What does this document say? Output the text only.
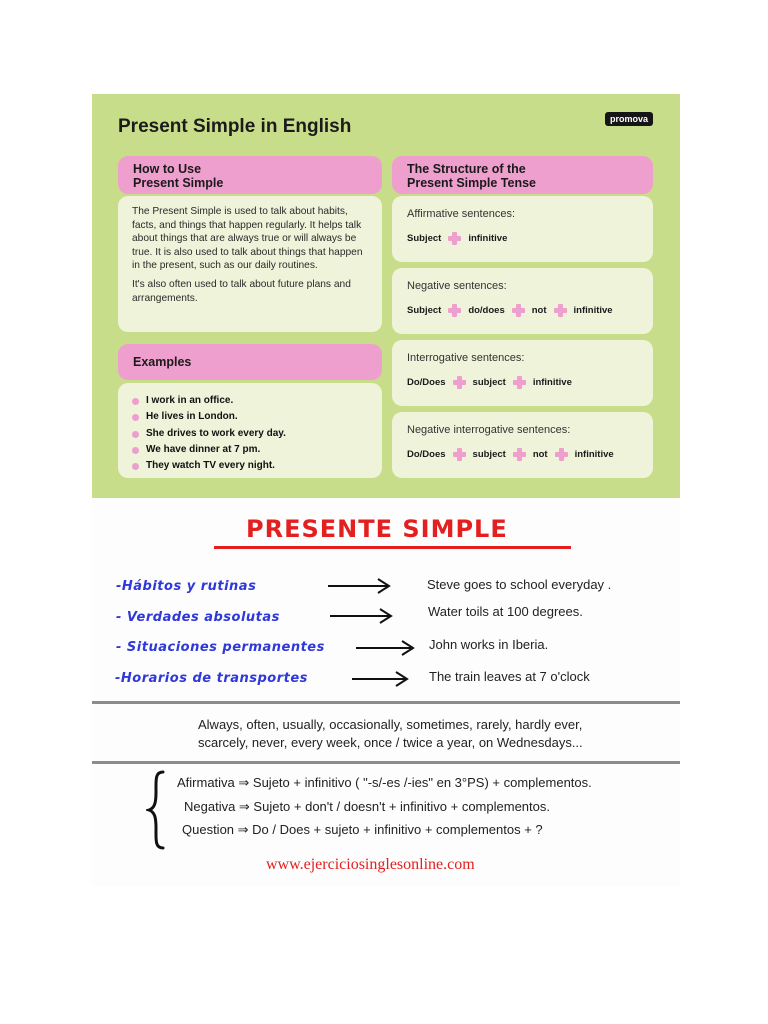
Present Simple in English	promova
How to Use
Present Simple

The Present Simple is used to talk about habits, facts, and things that happen regularly. It helps talk about things that are always true or will always be true. It is also used to talk about things that happen in the present, such as our daily routines.

It's also often used to talk about future plans and arrangements.

Examples
I work in an office.
He lives in London.
She drives to work every day.
We have dinner at 7 pm.
They watch TV every night.
The Structure of the
Present Simple Tense
Affirmative sentences:
Subject	infinitive
Negative sentences:
Subject	do/does	not	infinitive
Interrogative sentences:
Do/Does	subject	infinitive
Negative interrogative sentences:
Do/Does	subject	not	infinitive
PRESENTE SIMPLE
-Hábitos y rutinas	Steve goes to school everyday .
- Verdades absolutas	Water toils at 100 degrees.
- Situaciones permanentes	John works in Iberia.
-Horarios de transportes	The train leaves at 7 o'clock
Always, often, usually, occasionally, sometimes, rarely, hardly ever,
scarcely, never, every week, once / twice a year, on Wednesdays...
Afirmativa ⇒ Sujeto + infinitivo ( "-s/-es /-ies" en 3°PS) + complementos.
Negativa ⇒ Sujeto + don't / doesn't + infinitivo + complementos.
Question ⇒ Do / Does + sujeto + infinitivo + complementos + ?
www.ejerciciosinglesonline.com
